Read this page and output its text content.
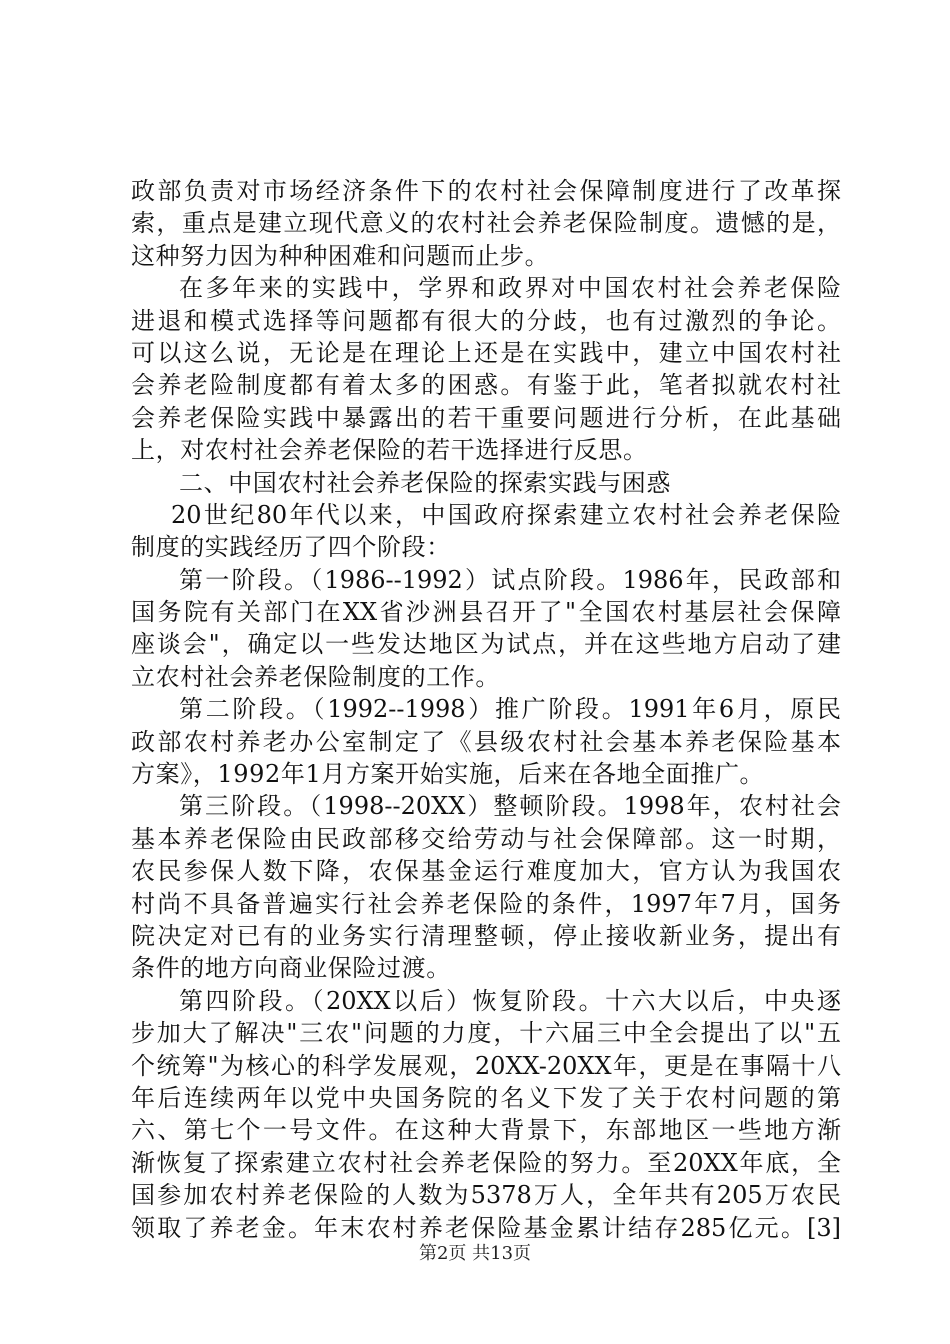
政部负责对市场经济条件下的农村社会保障制度进行了改革探
索，重点是建立现代意义的农村社会养老保险制度。遗憾的是，
这种努力因为种种困难和问题而止步。
在多年来的实践中，学界和政界对中国农村社会养老保险
进退和模式选择等问题都有很大的分歧，也有过激烈的争论。
可以这么说，无论是在理论上还是在实践中，建立中国农村社
会养老险制度都有着太多的困惑。有鉴于此，笔者拟就农村社
会养老保险实践中暴露出的若干重要问题进行分析，在此基础
上，对农村社会养老保险的若干选择进行反思。
二、中国农村社会养老保险的探索实践与困惑
20世纪80年代以来，中国政府探索建立农村社会养老保险
制度的实践经历了四个阶段：
第一阶段。（1986--1992）试点阶段。1986年，民政部和
国务院有关部门在XX省沙洲县召开了"全国农村基层社会保障
座谈会"，确定以一些发达地区为试点，并在这些地方启动了建
立农村社会养老保险制度的工作。
第二阶段。（1992--1998）推广阶段。1991年6月，原民
政部农村养老办公室制定了《县级农村社会基本养老保险基本
方案》，1992年1月方案开始实施，后来在各地全面推广。
第三阶段。（1998--20XX）整顿阶段。1998年，农村社会
基本养老保险由民政部移交给劳动与社会保障部。这一时期，
农民参保人数下降，农保基金运行难度加大，官方认为我国农
村尚不具备普遍实行社会养老保险的条件，1997年7月，国务
院决定对已有的业务实行清理整顿，停止接收新业务，提出有
条件的地方向商业保险过渡。
第四阶段。（20XX以后）恢复阶段。十六大以后，中央逐
步加大了解决"三农"问题的力度，十六届三中全会提出了以"五
个统筹"为核心的科学发展观，20XX-20XX年，更是在事隔十八
年后连续两年以党中央国务院的名义下发了关于农村问题的第
六、第七个一号文件。在这种大背景下，东部地区一些地方渐
渐恢复了探索建立农村社会养老保险的努力。至20XX年底，全
国参加农村养老保险的人数为5378万人，全年共有205万农民
领取了养老金。年末农村养老保险基金累计结存285亿元。[3]
第2页 共13页
